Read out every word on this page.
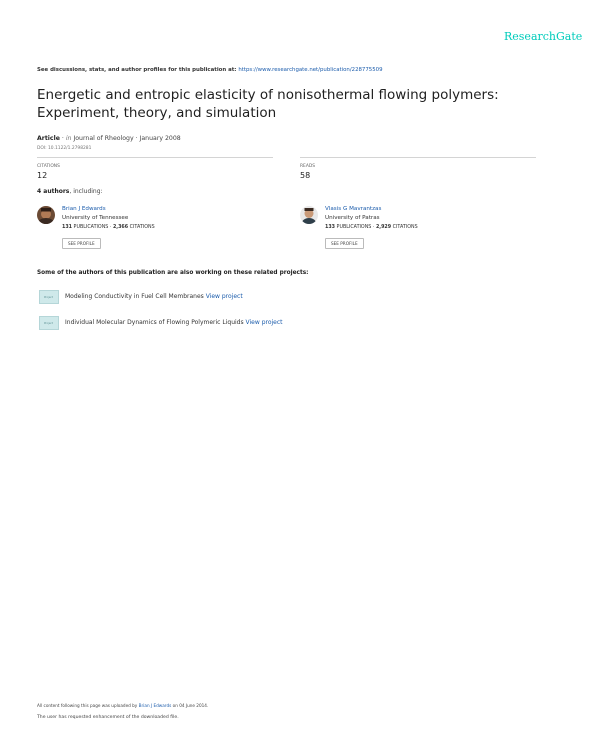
ResearchGate
See discussions, stats, and author profiles for this publication at: https://www.researchgate.net/publication/228775509
Energetic and entropic elasticity of nonisothermal flowing polymers: Experiment, theory, and simulation
Article · in Journal of Rheology · January 2008
DOI: 10.1122/1.2798281
CITATIONS
12
READS
58
4 authors, including:
Brian J Edwards
University of Tennessee
131 PUBLICATIONS · 2,366 CITATIONS
SEE PROFILE
Vlasis G Mavrantzas
University of Patras
133 PUBLICATIONS · 2,929 CITATIONS
SEE PROFILE
Some of the authors of this publication are also working on these related projects:
Project Modeling Conductivity in Fuel Cell Membranes View project
Project Individual Molecular Dynamics of Flowing Polymeric Liquids View project
All content following this page was uploaded by Brian J Edwards on 04 June 2014.
The user has requested enhancement of the downloaded file.
